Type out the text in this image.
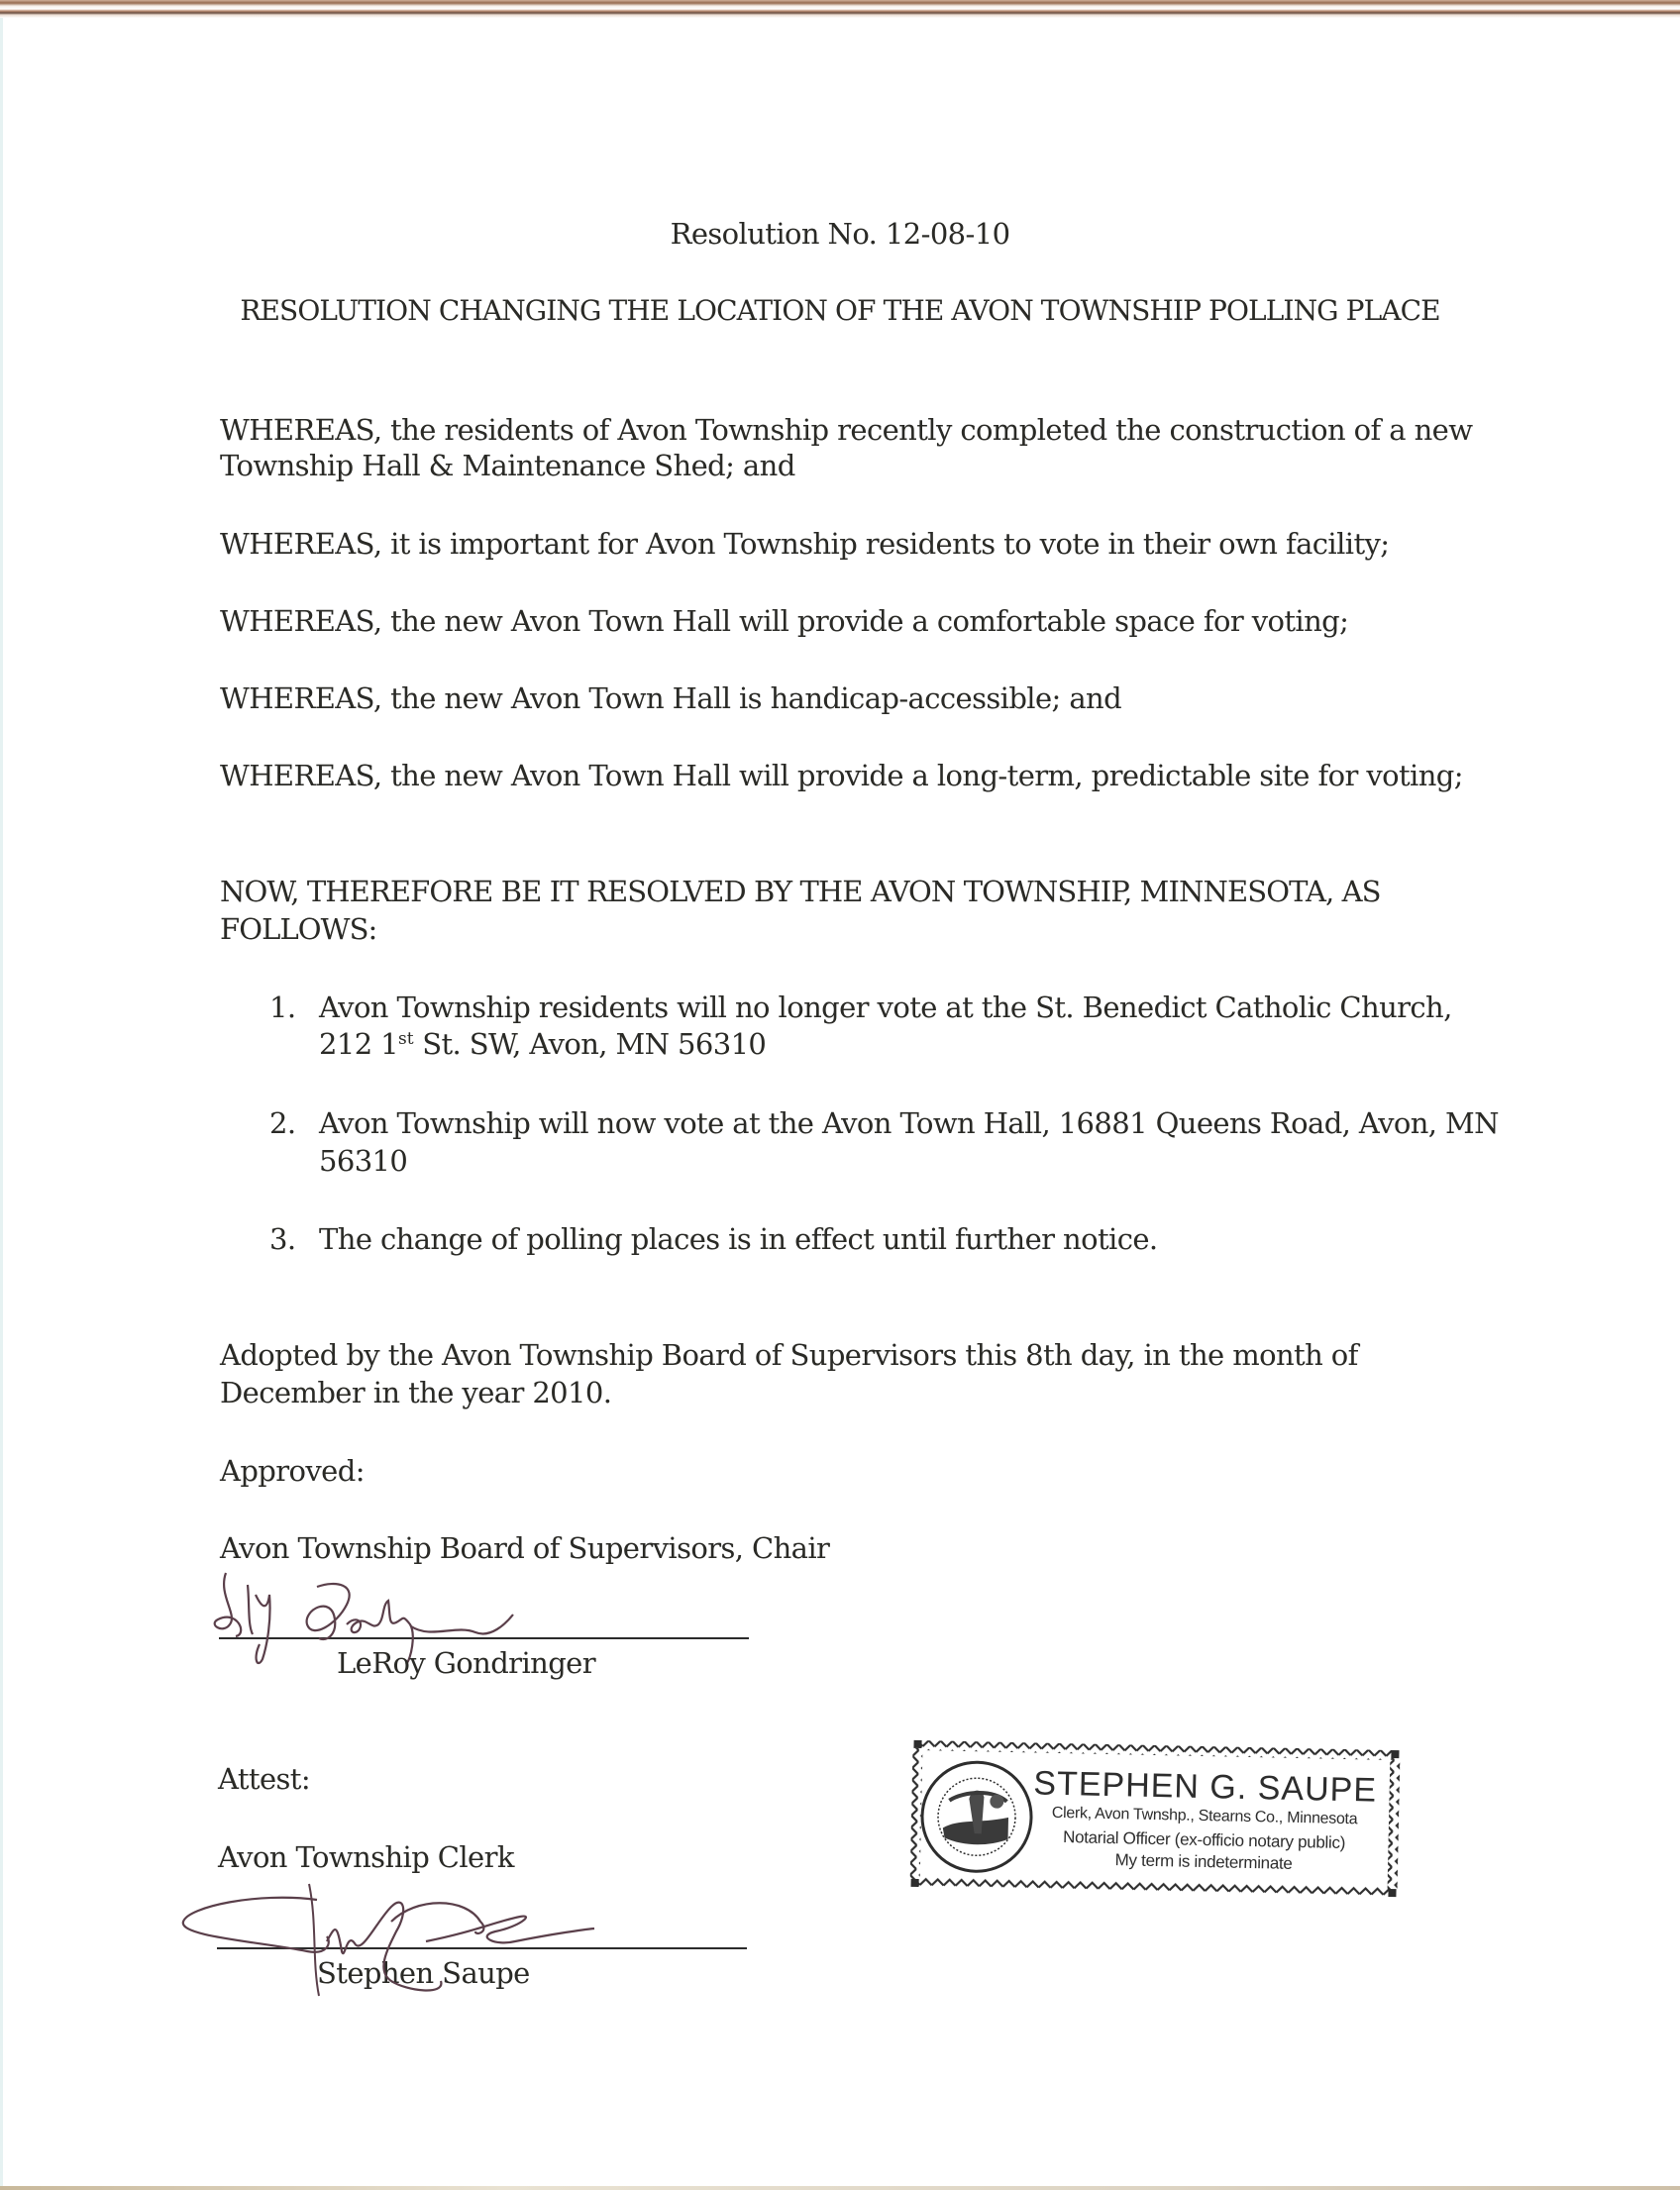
Resolution No. 12-08-10
RESOLUTION CHANGING THE LOCATION OF THE AVON TOWNSHIP POLLING PLACE
WHEREAS, the residents of Avon Township recently completed the construction of a new
Township Hall & Maintenance Shed; and
WHEREAS, it is important for Avon Township residents to vote in their own facility;
WHEREAS, the new Avon Town Hall will provide a comfortable space for voting;
WHEREAS, the new Avon Town Hall is handicap-accessible; and
WHEREAS, the new Avon Town Hall will provide a long-term, predictable site for voting;
NOW, THEREFORE BE IT RESOLVED BY THE AVON TOWNSHIP, MINNESOTA, AS
FOLLOWS:
1. Avon Township residents will no longer vote at the St. Benedict Catholic Church,
212 1st St. SW, Avon, MN 56310
2. Avon Township will now vote at the Avon Town Hall, 16881 Queens Road, Avon, MN
56310
3. The change of polling places is in effect until further notice.
Adopted by the Avon Township Board of Supervisors this 8th day, in the month of
December in the year 2010.
Approved:
Avon Township Board of Supervisors, Chair
LeRoy Gondringer
Attest:
Avon Township Clerk
Stephen Saupe
STEPHEN G. SAUPE
Clerk, Avon Twnshp., Stearns Co., Minnesota
Notarial Officer (ex-officio notary public)
My term is indeterminate
